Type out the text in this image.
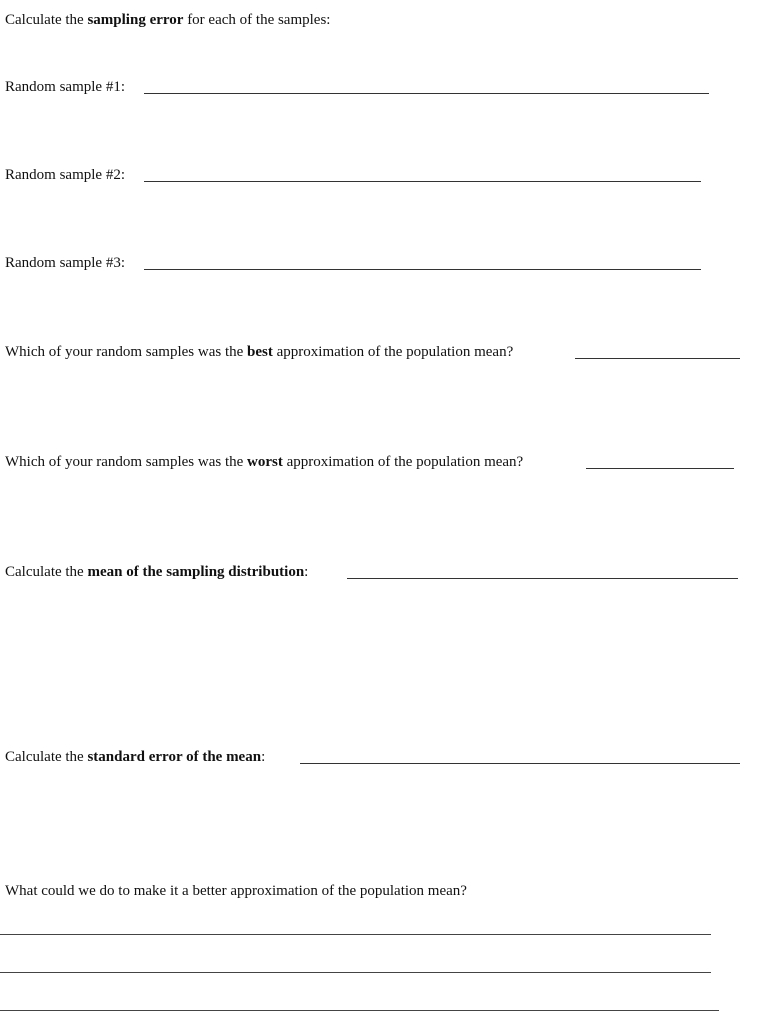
Calculate the sampling error for each of the samples:
Random sample #1:
Random sample #2:
Random sample #3:
Which of your random samples was the best approximation of the population mean?
Which of your random samples was the worst approximation of the population mean?
Calculate the mean of the sampling distribution:
Calculate the standard error of the mean:
What could we do to make it a better approximation of the population mean?
